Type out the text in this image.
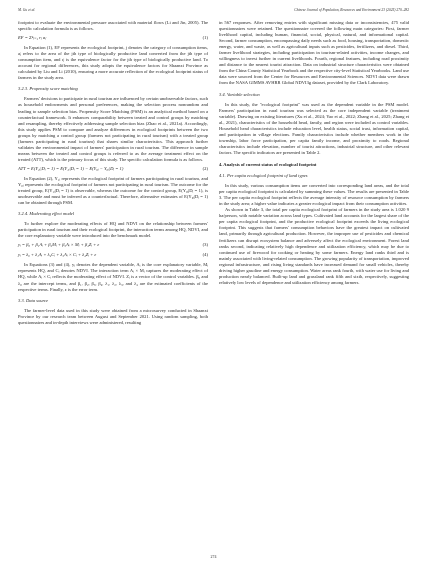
M. Gu et al.	Chinese Journal of Population, Resources and Environment 23 (2025) 270–282

footprint to evaluate the environmental pressure associated with material flows (Li and Jin, 2005). The specific calculation formula is as follows.

EF = Σⁿⱼ₌₁ rⱼ aⱼ	(1)

In Equation (1), EF represents the ecological footprint, j denotes the category of consumption items, aⱼ refers to the area of the jth type of biologically productive land converted from the jth type of consumption item, and rⱼ is the equivalence factor for the jth type of biologically productive land. To account for regional differences, this study adopts the equivalence factors for Shaanxi Province as calculated by Liu and Li (2010), ensuring a more accurate reflection of the ecological footprint status of farmers in the study area.

3.2.3. Propensity score matching

Farmers' decisions to participate in rural tourism are influenced by certain unobservable factors, such as household endowments and personal preferences, making the selection process nonrandom and leading to sample selection bias. Propensity Score Matching (PSM) is an analytical method based on a counterfactual framework. It enhances comparability between treated and control groups by matching and resampling, thereby effectively addressing sample selection bias (Zhao et al., 2021a). Accordingly, this study applies PSM to compare and analyze differences in ecological footprints between the two groups by matching a control group (farmers not participating in rural tourism) with a treated group (farmers participating in rural tourism) that shares similar characteristics. This approach further validates the environmental impact of farmers' participation in rural tourism. The difference in sample means between the treated and control groups is referred to as the average treatment effect on the treated (ATT), which is the primary focus of this study. The specific calculation formula is as follows.

ATT = E(Y₁ᵢ|Dᵢ = 1) = E(Y₁ᵢ|Dᵢ = 1) − E(Y₀ᵢ − Y₀ᵢ|Dᵢ = 1)	(2)

In Equation (2), Y₁ᵢ represents the ecological footprint of farmers participating in rural tourism, and Y₀ᵢ represents the ecological footprint of farmers not participating in rural tourism. The outcome for the treated group, E(Y₁ᵢ|Dᵢ = 1) is observable, whereas the outcome for the control group, E(Y₀ᵢ|Dᵢ = 1), is unobservable and must be inferred as a counterfactual. Therefore, alternative estimates of E(Y₀ᵢ|Dᵢ = 1) can be obtained through PSM.

3.2.4. Moderating effect model

To further explore the moderating effects of HQ and NDVI on the relationship between farmers' participation in rural tourism and their ecological footprint, the interaction terms among HQ, NDVI, and the core explanatory variable were introduced into the benchmark model.

yᵢ = β₀ + β₁Aᵢ + β₂Mᵢ + β₃Aᵢ × Mᵢ + β₄Zᵢ + ε	(3)
yᵢ = λ₀ + λ₁Aᵢ + λ₂Cᵢ + λ₃Aᵢ × Cᵢ + λ₄Zᵢ + ε	(4)

In Equations (3) and (4), yᵢ denotes the dependent variable, Aᵢ is the core explanatory variable, Mᵢ represents HQ, and Cᵢ denotes NDVI. The interaction term Aᵢ × Mᵢ captures the moderating effect of HQ, while Aᵢ × Cᵢ reflects the moderating effect of NDVI. Zᵢ is a vector of the control variables. β₀ and λ₀ are the intercept terms, and β₁, β₂, β₃, β₄, λ₁, λ₂, λ₃, and λ₄ are the estimated coefficients of the respective terms. Finally, ε is the error term.

3.3. Data source

The farmer-level data used in this study were obtained from a microsurvey conducted in Shaanxi Province by our research team between August and September 2021. Using random sampling, both questionnaires and in-depth interviews were administered, resulting

in 567 responses. After removing entries with significant missing data or inconsistencies, 475 valid questionnaires were retained. The questionnaire covered the following main categories: First, farmer livelihood capital, including human, financial, social, physical, natural, and informational capital. Second, farmer consumption, encompassing daily needs such as food, housing, transportation, domestic energy, water, and waste, as well as agricultural inputs such as pesticides, fertilizers, and diesel. Third, farmer livelihood strategies, including participation in tourism-related activities, income changes, and willingness to invest further in current livelihoods. Fourth, regional features, including road proximity and distance to the nearest tourist attraction. Data on industrial structure characteristics were obtained from the China County Statistical Yearbook and the respective city-level Statistical Yearbooks. Land use data were sourced from the Center for Resources and Environmental Sciences. NDVI data were drawn from the NASA GIMMS AVHRR Global NDVI3g dataset, provided by the Clark Laboratory.

3.4. Variable selection

In this study, the "ecological footprint" was used as the dependent variable in the PSM model. Farmers' participation in rural tourism was selected as the core independent variable (treatment variable). Drawing on existing literatures (Xu et al., 2024; Yao et al., 2022; Zhang et al., 2025; Zhang et al., 2021), characteristics of the household head, family, and region were included as control variables. Household head characteristics include education level, health status, social trust, information capital, and participation in village elections. Family characteristics include whether members work in the township, labor force participation, per capita family income, and proximity to roads. Regional characteristics include elevation, number of tourist attractions, industrial structure, and other relevant factors. The specific indicators are presented in Table 2.

4. Analysis of current status of ecological footprint
4.1. Per capita ecological footprint of land types

In this study, various consumption items are converted into corresponding land areas, and the total per capita ecological footprint is calculated by summing these values. The results are presented in Table 3. The per capita ecological footprint reflects the average intensity of resource consumption by farmers in the study area; a higher value indicates a greater ecological impact from their consumption activities.

As shown in Table 3, the total per capita ecological footprint of farmers in the study area is 1.020 9 ha/person, with notable variation across land types. Cultivated land accounts for the largest share of the per capita ecological footprint, and the productive ecological footprint exceeds the living ecological footprint. This suggests that farmers' consumption behaviors have the greatest impact on cultivated land, primarily through agricultural production. However, the improper use of pesticides and chemical fertilizers can disrupt ecosystem balance and adversely affect the ecological environment. Forest land ranks second, indicating relatively high dependence and utilization efficiency, which may be due to continued use of firewood for cooking or heating by some farmers. Energy land ranks third and is mainly associated with living-related consumption. The growing popularity of transportation, improved regional infrastructure, and rising living standards have increased demand for small vehicles, thereby driving higher gasoline and energy consumption. Water areas rank fourth, with water use for living and production nearly balanced. Built-up land and grassland rank fifth and sixth, respectively, suggesting relatively low levels of dependence and utilization efficiency among farmers.

274
